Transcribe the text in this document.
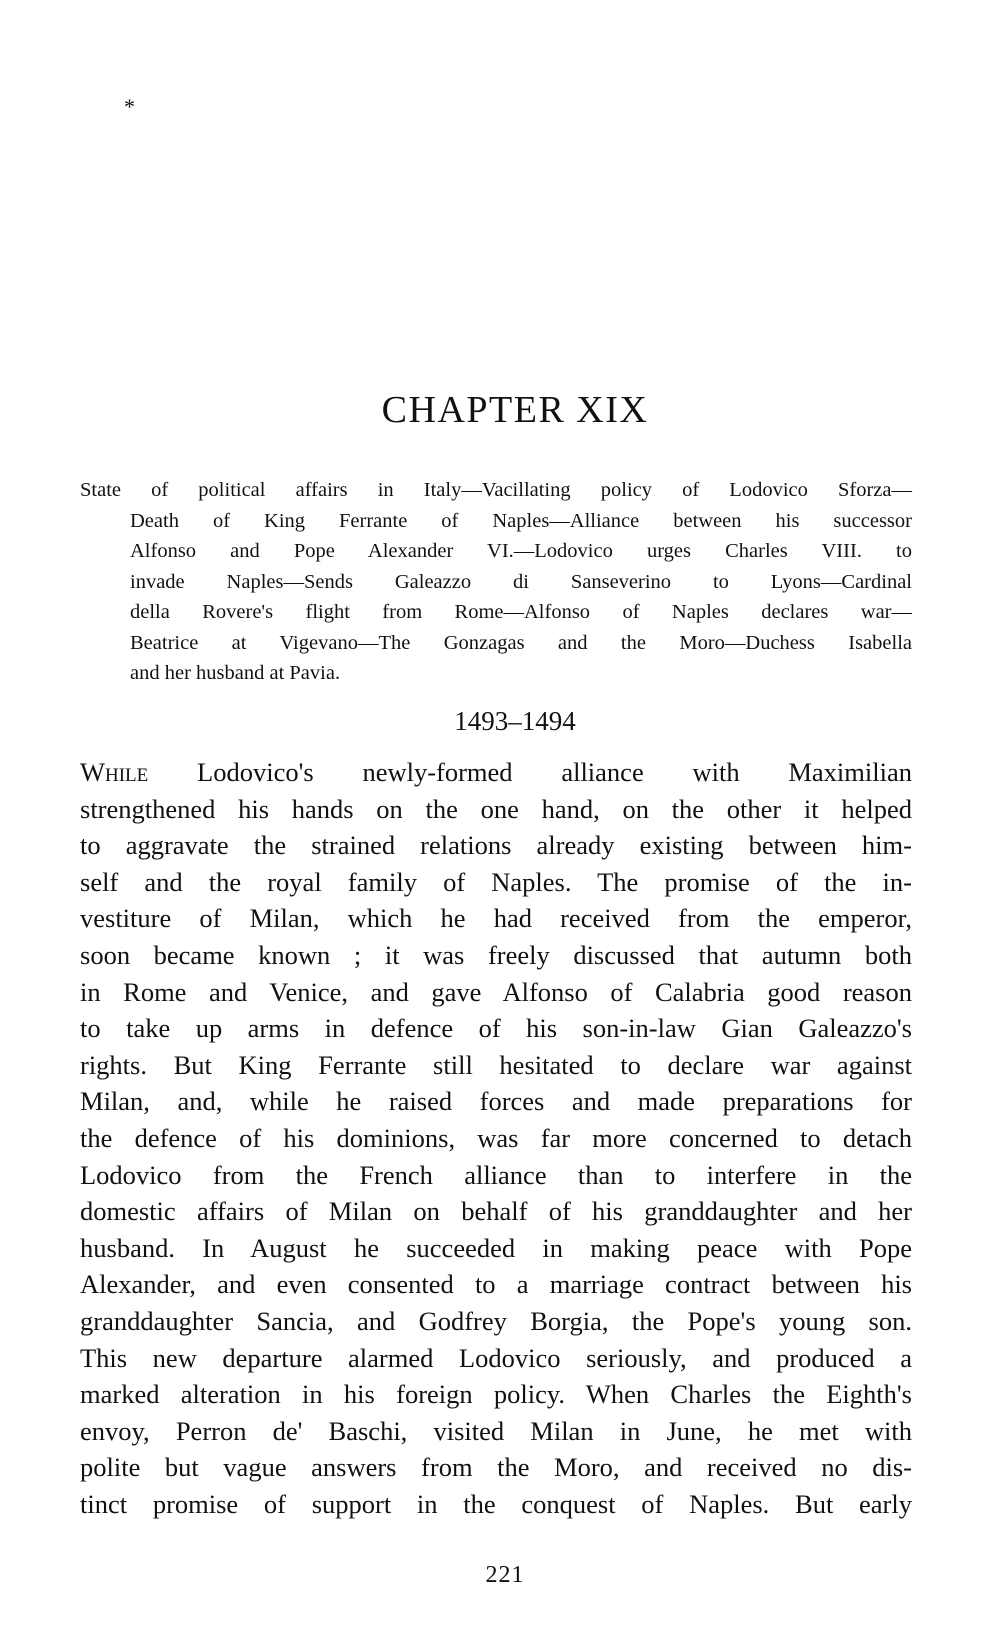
*
CHAPTER XIX
State of political affairs in Italy—Vacillating policy of Lodovico Sforza—
Death of King Ferrante of Naples—Alliance between his successor
Alfonso and Pope Alexander VI.—Lodovico urges Charles VIII. to
invade Naples—Sends Galeazzo di Sanseverino to Lyons—Cardinal
della Rovere's flight from Rome—Alfonso of Naples declares war—
Beatrice at Vigevano—The Gonzagas and the Moro—Duchess Isabella
and her husband at Pavia.
1493–1494
While Lodovico's newly-formed alliance with Maximilian
strengthened his hands on the one hand, on the other it helped
to aggravate the strained relations already existing between him-
self and the royal family of Naples. The promise of the in-
vestiture of Milan, which he had received from the emperor,
soon became known ; it was freely discussed that autumn both
in Rome and Venice, and gave Alfonso of Calabria good reason
to take up arms in defence of his son-in-law Gian Galeazzo's
rights. But King Ferrante still hesitated to declare war against
Milan, and, while he raised forces and made preparations for
the defence of his dominions, was far more concerned to detach
Lodovico from the French alliance than to interfere in the
domestic affairs of Milan on behalf of his granddaughter and her
husband. In August he succeeded in making peace with Pope
Alexander, and even consented to a marriage contract between his
granddaughter Sancia, and Godfrey Borgia, the Pope's young son.
This new departure alarmed Lodovico seriously, and produced a
marked alteration in his foreign policy. When Charles the Eighth's
envoy, Perron de' Baschi, visited Milan in June, he met with
polite but vague answers from the Moro, and received no dis-
tinct promise of support in the conquest of Naples. But early
221
